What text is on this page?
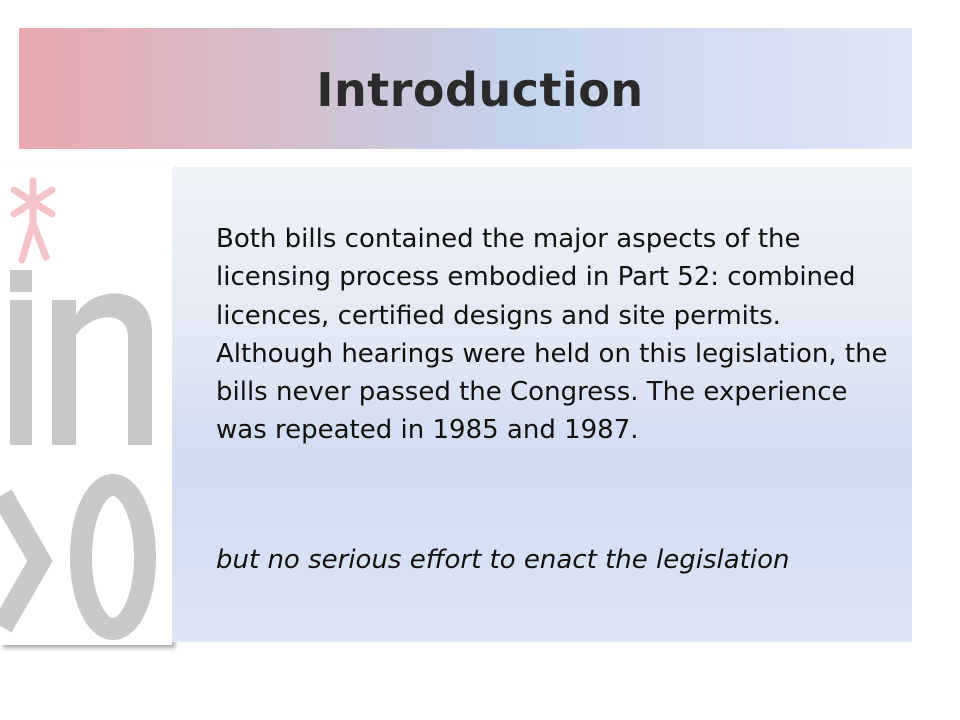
Introduction

Both bills contained the major aspects of the licensing process embodied in Part 52: combined licences, certified designs and site permits. Although hearings were held on this legislation, the bills never passed the Congress. The experience was repeated in 1985 and 1987.

but no serious effort to enact the legislation
